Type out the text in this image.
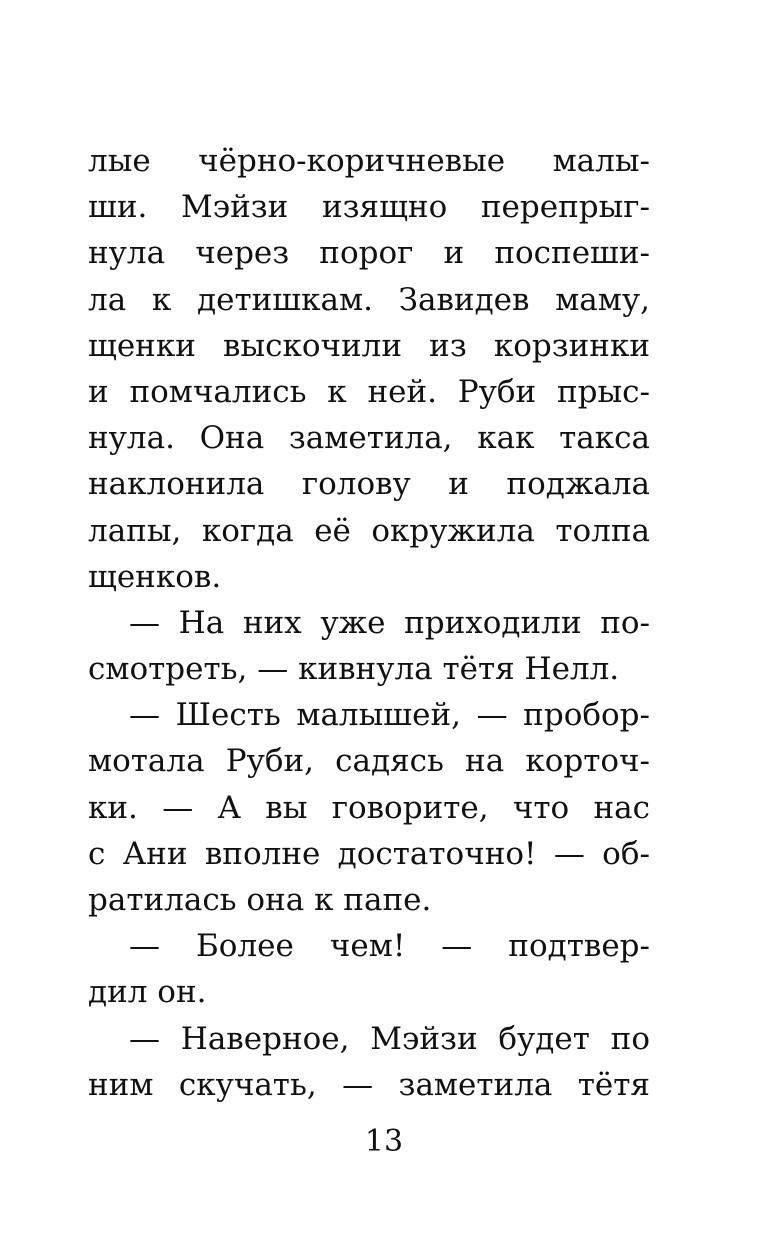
лые чёрно-коричневые малы-
ши. Мэйзи изящно перепрыг-
нула через порог и поспеши-
ла к детишкам. Завидев маму,
щенки выскочили из корзинки
и помчались к ней. Руби прыс-
нула. Она заметила, как такса
наклонила голову и поджала
лапы, когда её окружила толпа
щенков.
— На них уже приходили по-
смотреть, — кивнула тётя Нелл.
— Шесть малышей, — пробор-
мотала Руби, садясь на корточ-
ки. — А вы говорите, что нас
с Ани вполне достаточно! — об-
ратилась она к папе.
— Более чем! — подтвер-
дил он.
— Наверное, Мэйзи будет по
ним скучать, — заметила тётя
13
